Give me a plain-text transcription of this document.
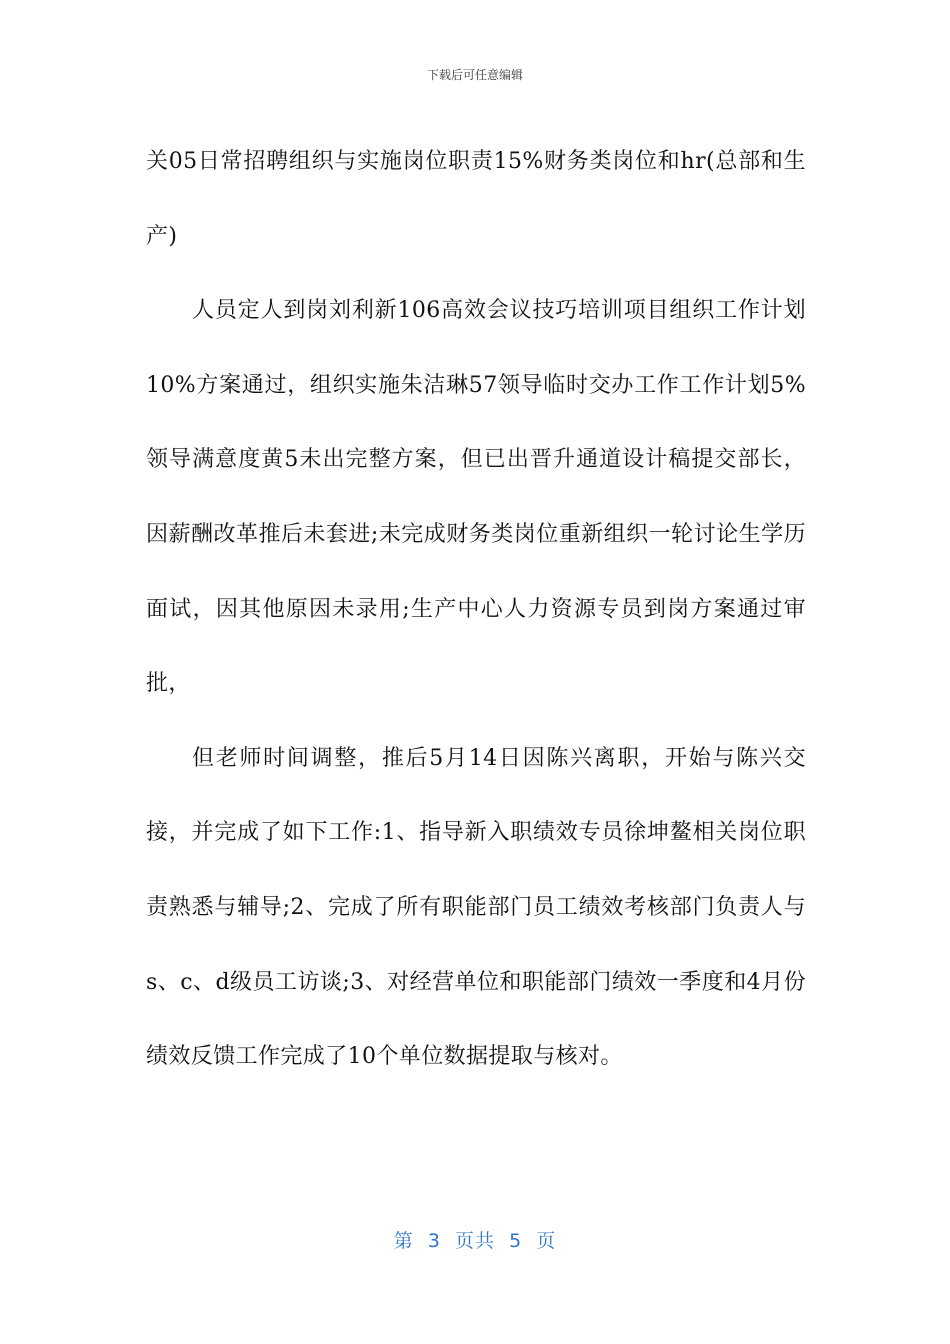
下载后可任意编辑

关05日常招聘组织与实施岗位职责15%财务类岗位和hr(总部和生产)

人员定人到岗刘利新106高效会议技巧培训项目组织工作计划10%方案通过，组织实施朱洁琳57领导临时交办工作工作计划5%领导满意度黄5未出完整方案，但已出晋升通道设计稿提交部长，因薪酬改革推后未套进;未完成财务类岗位重新组织一轮讨论生学历面试，因其他原因未录用;生产中心人力资源专员到岗方案通过审批，

但老师时间调整，推后5月14日因陈兴离职，开始与陈兴交接，并完成了如下工作:1、指导新入职绩效专员徐坤鳌相关岗位职责熟悉与辅导;2、完成了所有职能部门员工绩效考核部门负责人与s、c、d级员工访谈;3、对经营单位和职能部门绩效一季度和4月份绩效反馈工作完成了10个单位数据提取与核对。

第  3  页共  5  页
